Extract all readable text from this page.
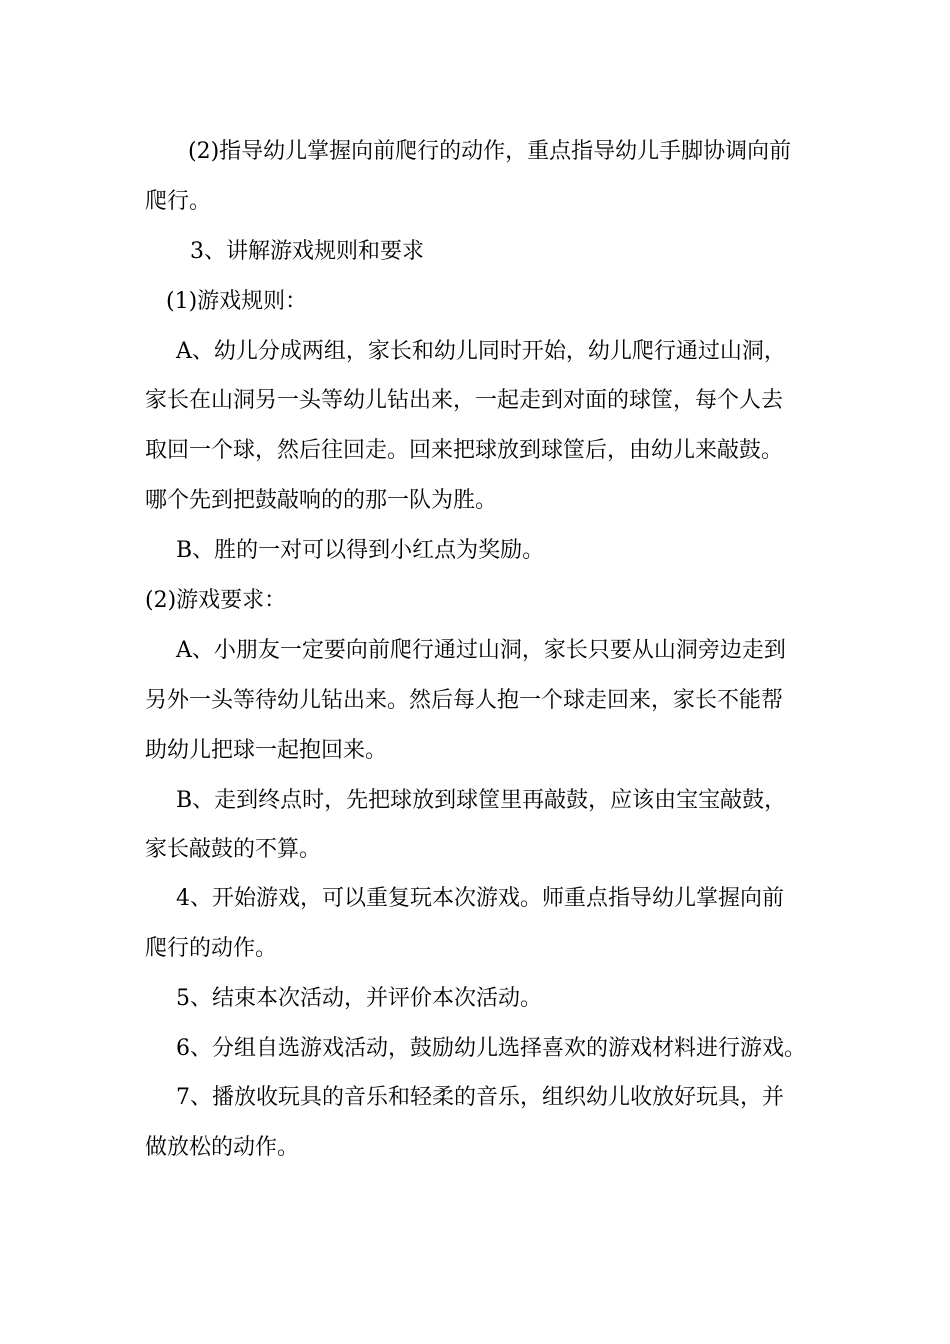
(2)指导幼儿掌握向前爬行的动作，重点指导幼儿手脚协调向前
爬行。
3、讲解游戏规则和要求
(1)游戏规则：
A、幼儿分成两组，家长和幼儿同时开始，幼儿爬行通过山洞，
家长在山洞另一头等幼儿钻出来，一起走到对面的球筐，每个人去
取回一个球，然后往回走。回来把球放到球筐后，由幼儿来敲鼓。
哪个先到把鼓敲响的的那一队为胜。
B、胜的一对可以得到小红点为奖励。
(2)游戏要求：
A、小朋友一定要向前爬行通过山洞，家长只要从山洞旁边走到
另外一头等待幼儿钻出来。然后每人抱一个球走回来，家长不能帮
助幼儿把球一起抱回来。
B、走到终点时，先把球放到球筐里再敲鼓，应该由宝宝敲鼓，
家长敲鼓的不算。
4、开始游戏，可以重复玩本次游戏。师重点指导幼儿掌握向前
爬行的动作。
5、结束本次活动，并评价本次活动。
6、分组自选游戏活动，鼓励幼儿选择喜欢的游戏材料进行游戏。
7、播放收玩具的音乐和轻柔的音乐，组织幼儿收放好玩具，并
做放松的动作。
